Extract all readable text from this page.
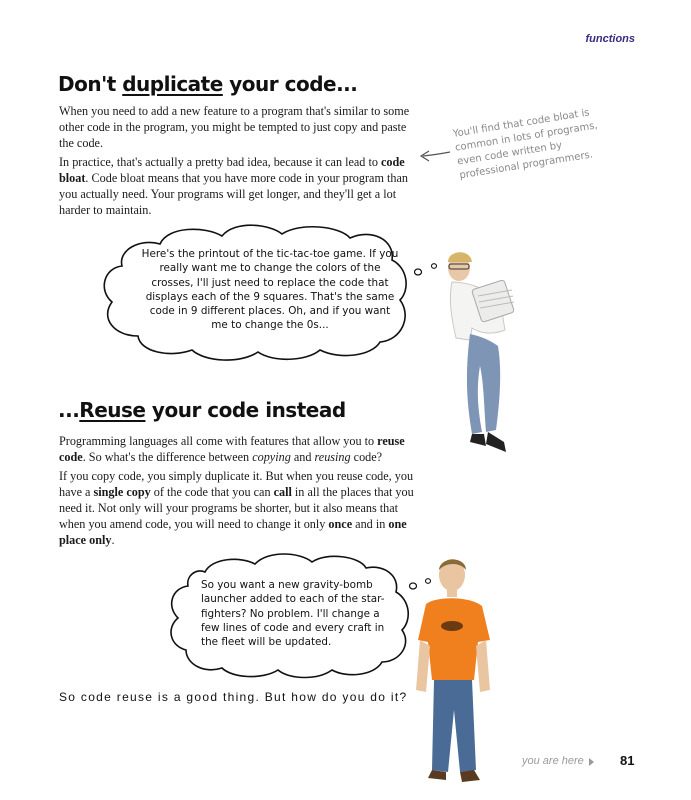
functions
Don't duplicate your code...

When you need to add a new feature to a program that's similar to some other code in the program, you might be tempted to just copy and paste the code.

In practice, that's actually a pretty bad idea, because it can lead to code bloat. Code bloat means that you have more code in your program than you actually need. Your programs will get longer, and they'll get a lot harder to maintain.

You'll find that code bloat is common in lots of programs, even code written by professional programmers.
Here's the printout of the tic-tac-toe game. If you really want me to change the colors of the crosses, I'll just need to replace the code that displays each of the 9 squares. That's the same code in 9 different places. Oh, and if you want me to change the 0s...
...Reuse your code instead

Programming languages all come with features that allow you to reuse code. So what's the difference between copying and reusing code?

If you copy code, you simply duplicate it. But when you reuse code, you have a single copy of the code that you can call in all the places that you need it. Not only will your programs be shorter, but it also means that when you amend code, you will need to change it only once and in one place only.

So you want a new gravity-bomb launcher added to each of the star-fighters? No problem. I'll change a few lines of code and every craft in the fleet will be updated.
So code reuse is a good thing. But how do you do it?
you are here	81
